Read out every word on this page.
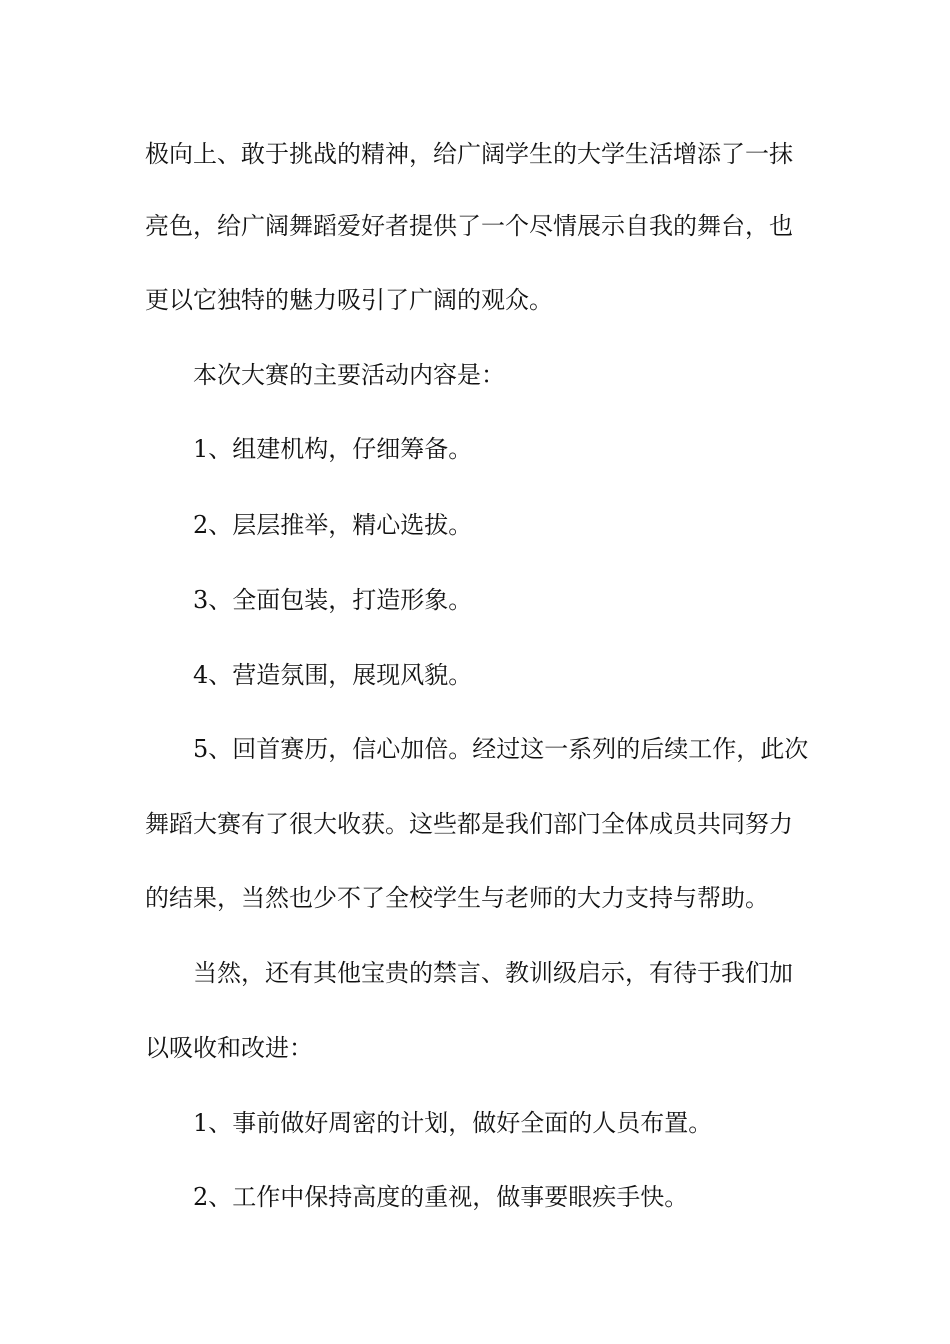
极向上、敢于挑战的精神，给广阔学生的大学生活增添了一抹
亮色，给广阔舞蹈爱好者提供了一个尽情展示自我的舞台，也
更以它独特的魅力吸引了广阔的观众。
本次大赛的主要活动内容是：
1、组建机构，仔细筹备。
2、层层推举，精心选拔。
3、全面包装，打造形象。
4、营造氛围，展现风貌。
5、回首赛历，信心加倍。经过这一系列的后续工作，此次
舞蹈大赛有了很大收获。这些都是我们部门全体成员共同努力
的结果，当然也少不了全校学生与老师的大力支持与帮助。
当然，还有其他宝贵的禁言、教训级启示，有待于我们加
以吸收和改进：
1、事前做好周密的计划，做好全面的人员布置。
2、工作中保持高度的重视，做事要眼疾手快。
